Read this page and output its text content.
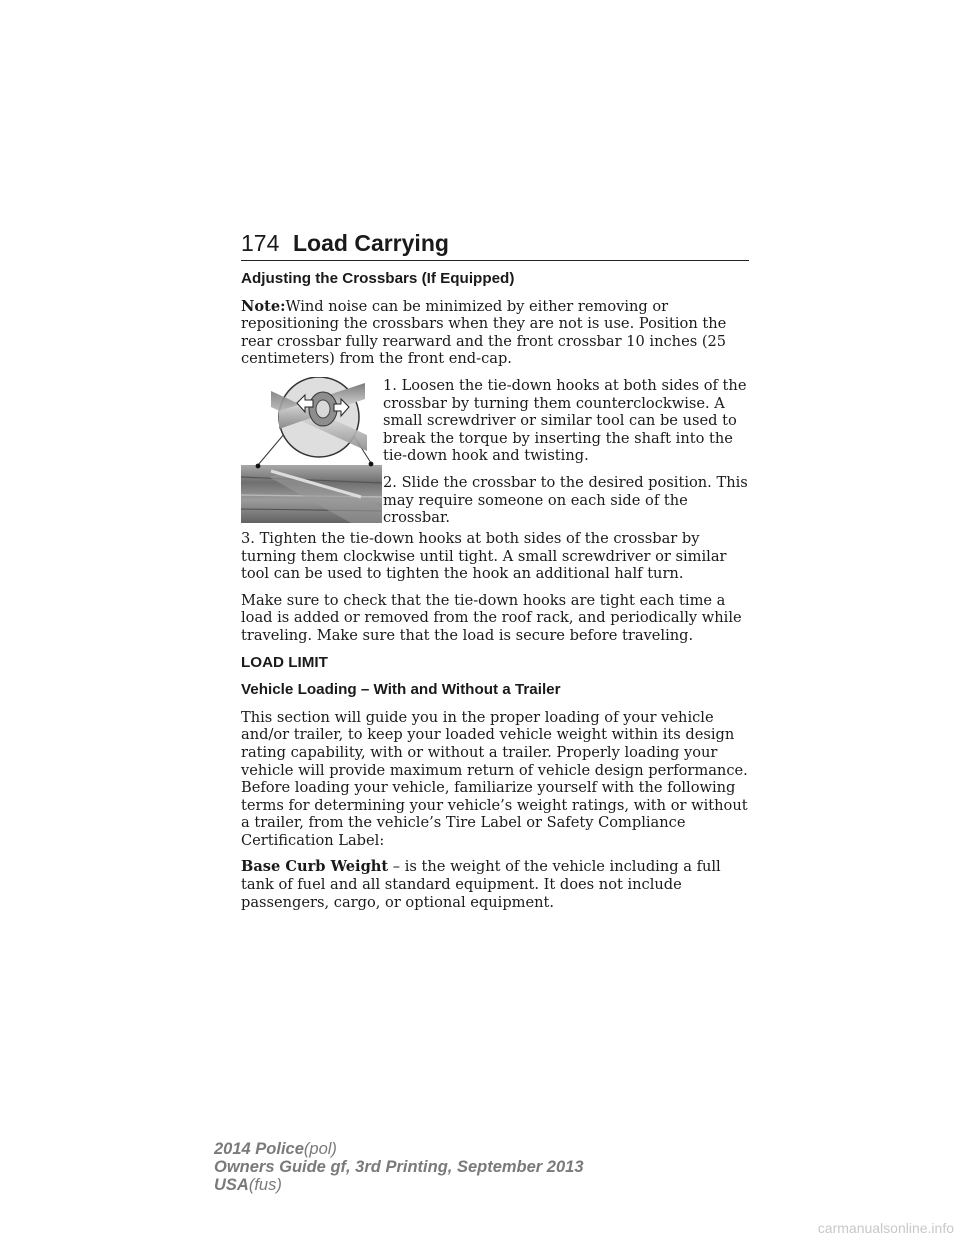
174 Load Carrying
Adjusting the Crossbars (If Equipped)

Note:Wind noise can be minimized by either removing or repositioning the crossbars when they are not is use. Position the rear crossbar fully rearward and the front crossbar 10 inches (25 centimeters) from the front end-cap.

1. Loosen the tie-down hooks at both sides of the crossbar by turning them counterclockwise. A small screwdriver or similar tool can be used to break the torque by inserting the shaft into the tie-down hook and twisting.

2. Slide the crossbar to the desired position. This may require someone on each side of the crossbar.

3. Tighten the tie-down hooks at both sides of the crossbar by turning them clockwise until tight. A small screwdriver or similar tool can be used to tighten the hook an additional half turn.

Make sure to check that the tie-down hooks are tight each time a load is added or removed from the roof rack, and periodically while traveling. Make sure that the load is secure before traveling.

LOAD LIMIT
Vehicle Loading – With and Without a Trailer

This section will guide you in the proper loading of your vehicle and/or trailer, to keep your loaded vehicle weight within its design rating capability, with or without a trailer. Properly loading your vehicle will provide maximum return of vehicle design performance. Before loading your vehicle, familiarize yourself with the following terms for determining your vehicle’s weight ratings, with or without a trailer, from the vehicle’s Tire Label or Safety Compliance Certification Label:

Base Curb Weight – is the weight of the vehicle including a full tank of fuel and all standard equipment. It does not include passengers, cargo, or optional equipment.

2014 Police(pol)
Owners Guide gf, 3rd Printing, September 2013
USA(fus)
carmanualsonline.info
